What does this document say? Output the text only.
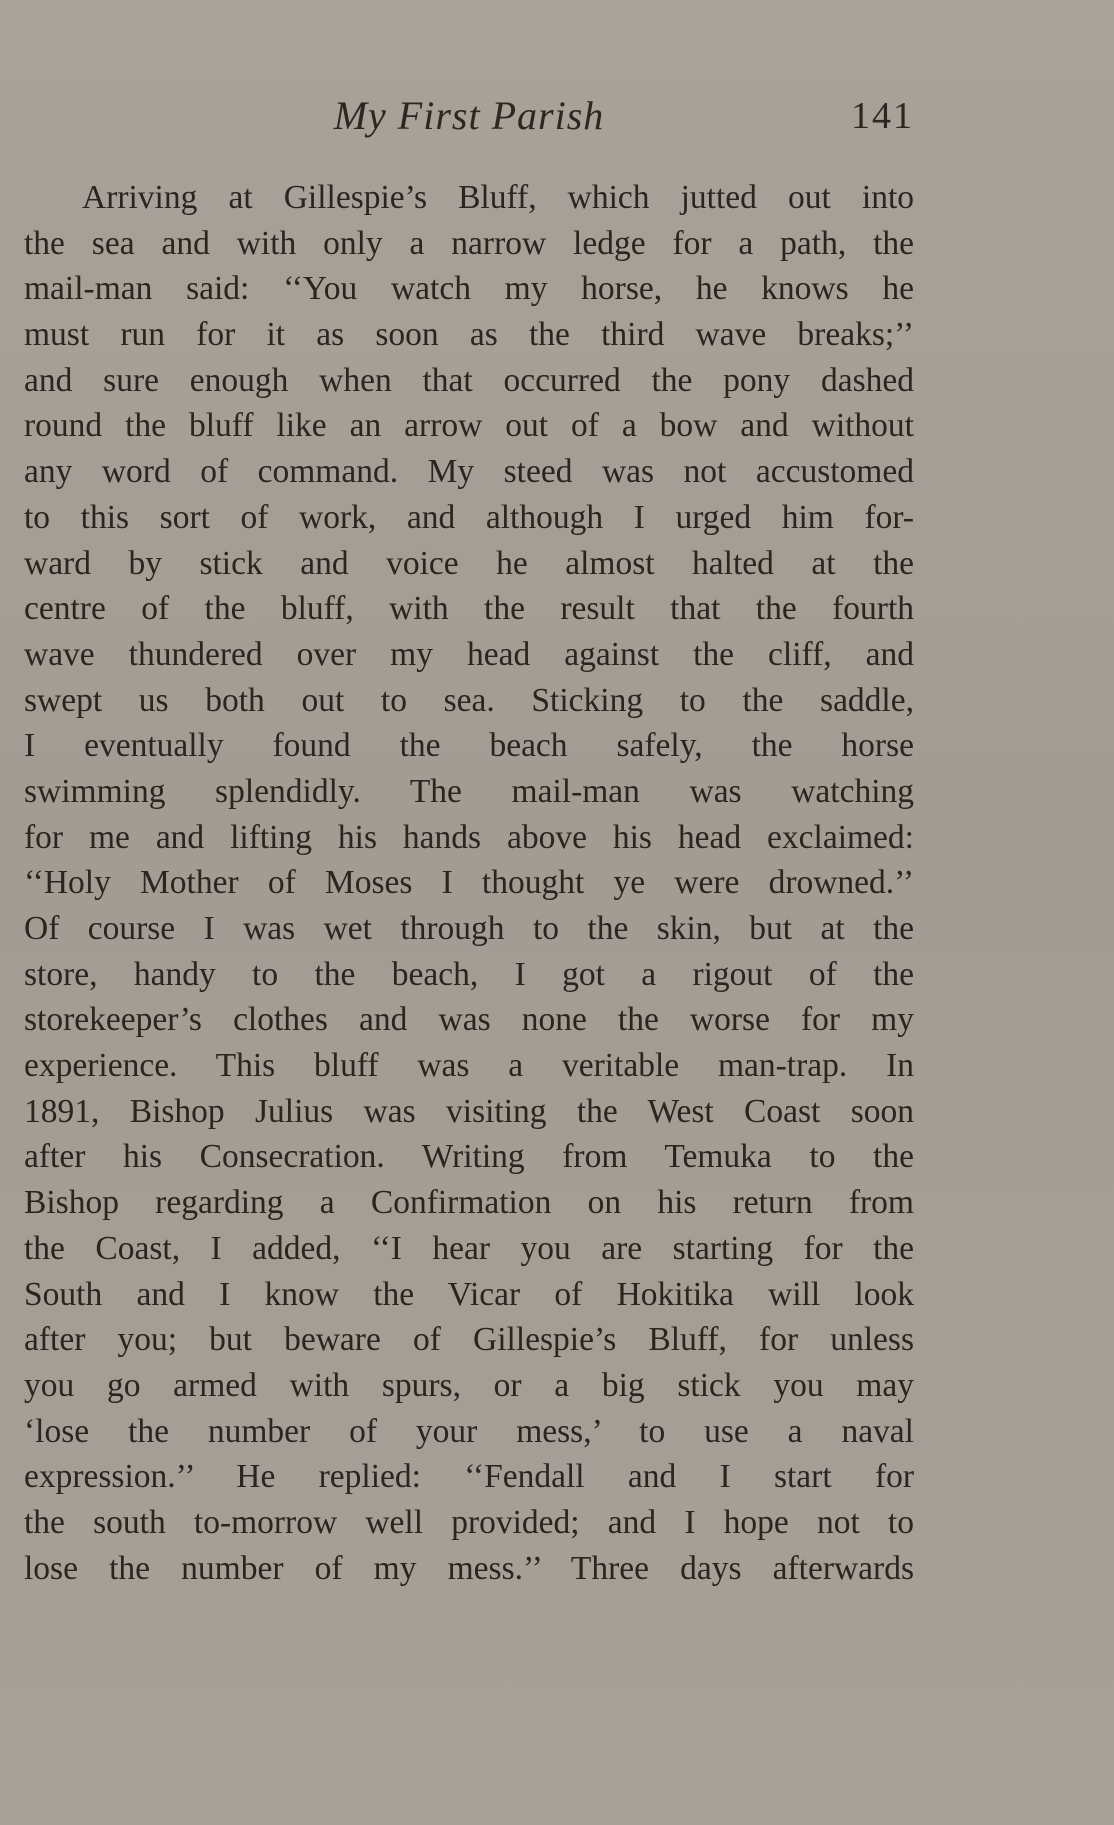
My First Parish	141
Arriving at Gillespie’s Bluff, which jutted out into
the sea and with only a narrow ledge for a path, the
mail-man said: ‘‘You watch my horse, he knows he
must run for it as soon as the third wave breaks;’’
and sure enough when that occurred the pony dashed
round the bluff like an arrow out of a bow and without
any word of command. My steed was not accustomed
to this sort of work, and although I urged him for-
ward by stick and voice he almost halted at the
centre of the bluff, with the result that the fourth
wave thundered over my head against the cliff, and
swept us both out to sea. Sticking to the saddle,
I eventually found the beach safely, the horse
swimming splendidly. The mail-man was watching
for me and lifting his hands above his head exclaimed:
‘‘Holy Mother of Moses I thought ye were drowned.’’
Of course I was wet through to the skin, but at the
store, handy to the beach, I got a rigout of the
storekeeper’s clothes and was none the worse for my
experience. This bluff was a veritable man-trap. In
1891, Bishop Julius was visiting the West Coast soon
after his Consecration. Writing from Temuka to the
Bishop regarding a Confirmation on his return from
the Coast, I added, ‘‘I hear you are starting for the
South and I know the Vicar of Hokitika will look
after you; but beware of Gillespie’s Bluff, for unless
you go armed with spurs, or a big stick you may
‘lose the number of your mess,’ to use a naval
expression.’’ He replied: ‘‘Fendall and I start for
the south to-morrow well provided; and I hope not to
lose the number of my mess.’’ Three days afterwards
